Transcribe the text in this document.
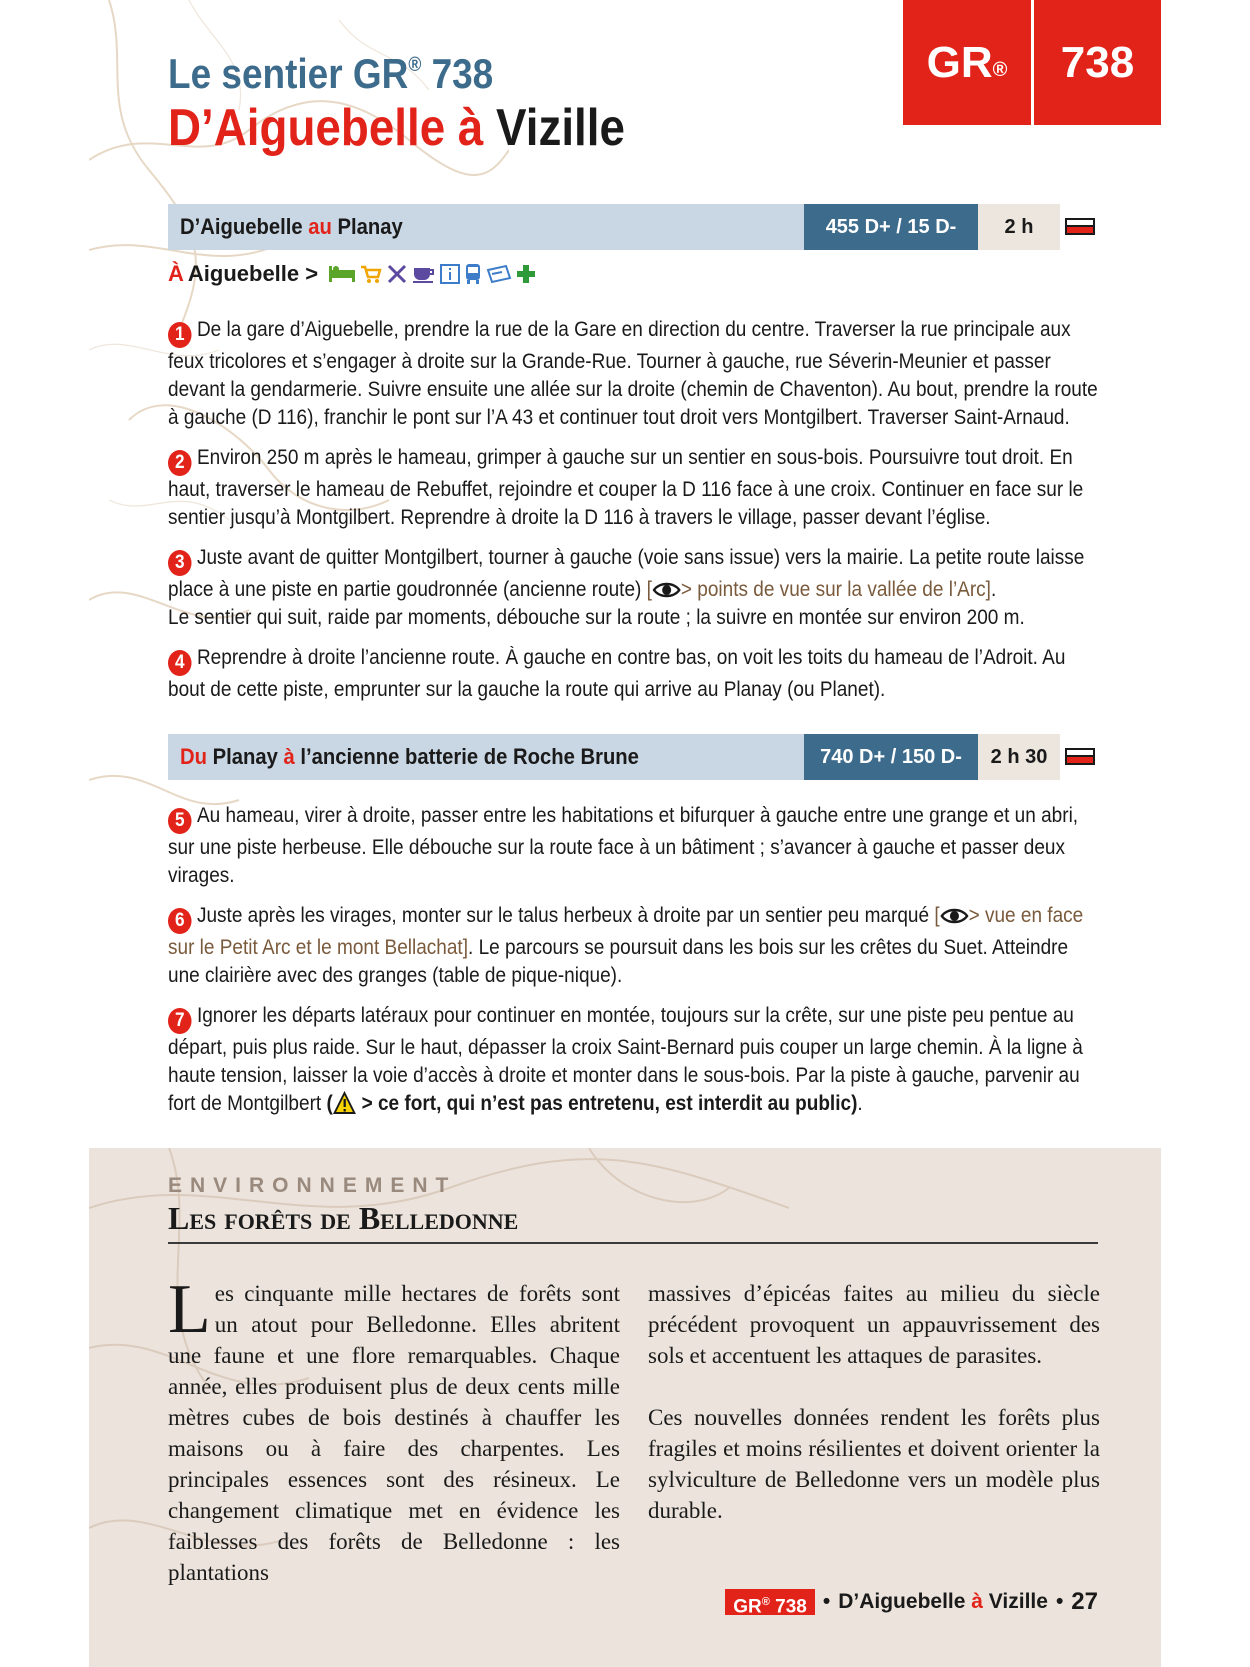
GR®	738
Le sentier GR® 738
D’Aiguebelle à Vizille
D’Aiguebelle au Planay	455 D+ / 15 D-	2 h
À Aiguebelle >

1 De la gare d’Aiguebelle, prendre la rue de la Gare en direction du centre. Traverser la rue principale aux feux tricolores et s’engager à droite sur la Grande-Rue. Tourner à gauche, rue Séverin-Meunier et passer devant la gendarmerie. Suivre ensuite une allée sur la droite (chemin de Chaventon). Au bout, prendre la route à gauche (D 116), franchir le pont sur l’A 43 et continuer tout droit vers Montgilbert. Traverser Saint-Arnaud.

2 Environ 250 m après le hameau, grimper à gauche sur un sentier en sous-bois. Poursuivre tout droit. En haut, traverser le hameau de Rebuffet, rejoindre et couper la D 116 face à une croix. Continuer en face sur le sentier jusqu’à Montgilbert. Reprendre à droite la D 116 à travers le village, passer devant l’église.

3 Juste avant de quitter Montgilbert, tourner à gauche (voie sans issue) vers la mairie. La petite route laisse place à une piste en partie goudronnée (ancienne route) [ > points de vue sur la vallée de l’Arc].
Le sentier qui suit, raide par moments, débouche sur la route ; la suivre en montée sur environ 200 m.

4 Reprendre à droite l’ancienne route. À gauche en contre bas, on voit les toits du hameau de l’Adroit. Au bout de cette piste, emprunter sur la gauche la route qui arrive au Planay (ou Planet).

Du Planay à l’ancienne batterie de Roche Brune	740 D+ / 150 D-	2 h 30

5 Au hameau, virer à droite, passer entre les habitations et bifurquer à gauche entre une grange et un abri, sur une piste herbeuse. Elle débouche sur la route face à un bâtiment ; s’avancer à gauche et passer deux virages.

6 Juste après les virages, monter sur le talus herbeux à droite par un sentier peu marqué [ > vue en face sur le Petit Arc et le mont Bellachat]. Le parcours se poursuit dans les bois sur les crêtes du Suet. Atteindre une clairière avec des granges (table de pique-nique).

7 Ignorer les départs latéraux pour continuer en montée, toujours sur la crête, sur une piste peu pentue au départ, puis plus raide. Sur le haut, dépasser la croix Saint-Bernard puis couper un large chemin. À la ligne à haute tension, laisser la voie d’accès à droite et monter dans le sous-bois. Par la piste à gauche, parvenir au fort de Montgilbert ( > ce fort, qui n’est pas entretenu, est interdit au public).

ENVIRONNEMENT
Les forêts de Belledonne

Les cinquante mille hectares de forêts sont un atout pour Belledonne. Elles abritent une faune et une flore remarquables. Chaque année, elles produisent plus de deux cents mille mètres cubes de bois destinés à chauffer les maisons ou à faire des charpentes. Les principales essences sont des résineux. Le changement climatique met en évidence les faiblesses des forêts de Belledonne : les plantations

massives d’épicéas faites au milieu du siècle précédent provoquent un appauvrissement des sols et accentuent les attaques de parasites.

Ces nouvelles données rendent les forêts plus fragiles et moins résilientes et doivent orienter la sylviculture de Belledonne vers un modèle plus durable.

GR® 738 • D’Aiguebelle à Vizille • 27
